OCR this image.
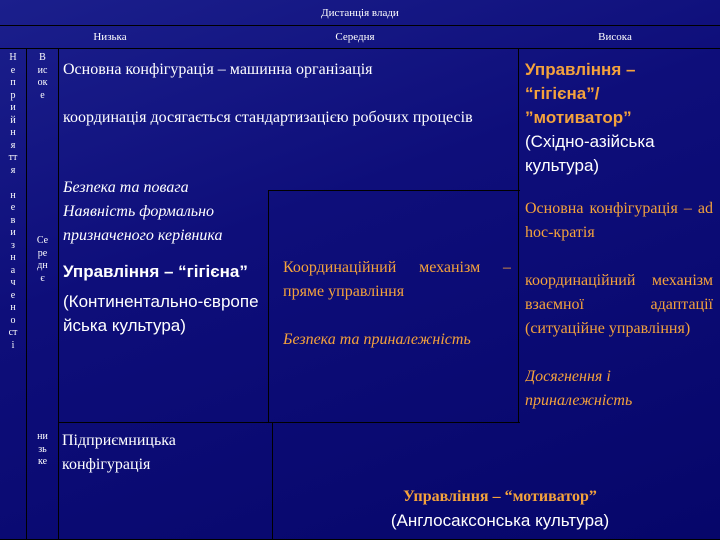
Дистанція влади
Низька	Середня	Висока
Н
е
п
р
и
й
н
я
тт
я

н
е
в
и
з
н
а
ч
е
н
о
ст
і
В
ис
ок
е
Се
ре
дн
є
ни
зь
ке

Основна конфігурація – машинна організація

координація досягається стандартизацією робочих процесів

Безпека та повага

Наявність формально призначеного керівника

Управління – “гігієна”

(Континентально-європейська культура)

Управління –

“гігієна”/

”мотиватор”

(Східно-азійська культура)

Координаційний механізм – пряме управління

Безпека та приналежність

Основна конфігурація – ad hoc-кратія

координаційний механізм взаємної адаптації (ситуаційне управління)

Досягнення і приналежність

Підприємницька конфігурація

Управління – “мотиватор”

(Англосаксонська культура)
